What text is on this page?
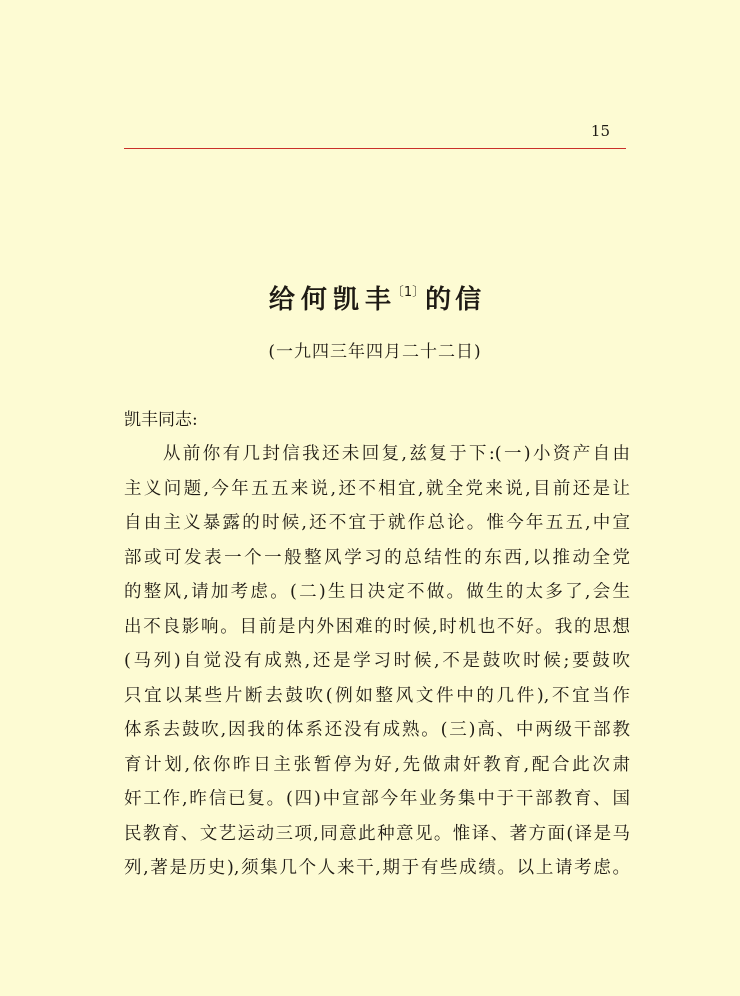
15
给何凯丰$^{〔1〕}$的信
(一九四三年四月二十二日)
凯丰同志:
从前你有几封信我还未回复,兹复于下:(一)小资产自由
主义问题,今年五五来说,还不相宜,就全党来说,目前还是让
自由主义暴露的时候,还不宜于就作总论。惟今年五五,中宣
部或可发表一个一般整风学习的总结性的东西,以推动全党
的整风,请加考虑。(二)生日决定不做。做生的太多了,会生
出不良影响。目前是内外困难的时候,时机也不好。我的思想
(马列)自觉没有成熟,还是学习时候,不是鼓吹时候;要鼓吹
只宜以某些片断去鼓吹(例如整风文件中的几件),不宜当作
体系去鼓吹,因我的体系还没有成熟。(三)高、中两级干部教
育计划,依你昨日主张暂停为好,先做肃奸教育,配合此次肃
奸工作,昨信已复。(四)中宣部今年业务集中于干部教育、国
民教育、文艺运动三项,同意此种意见。惟译、著方面(译是马
列,著是历史),须集几个人来干,期于有些成绩。以上请考虑。
